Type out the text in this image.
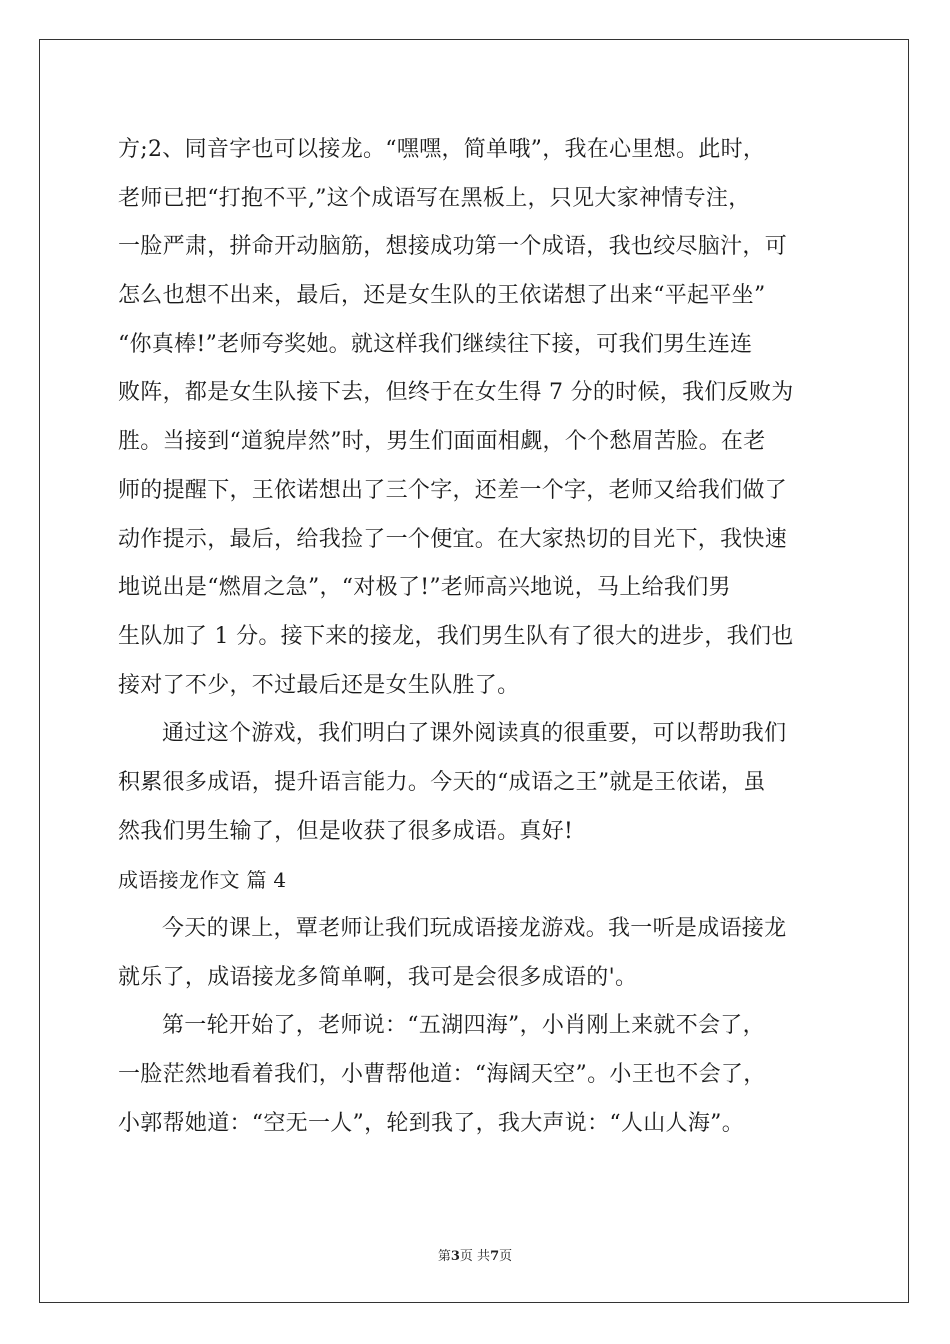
方;2、同音字也可以接龙。“嘿嘿，简单哦”，我在心里想。此时，
老师已把“打抱不平,”这个成语写在黑板上，只见大家神情专注，
一脸严肃，拼命开动脑筋，想接成功第一个成语，我也绞尽脑汁，可
怎么也想不出来，最后，还是女生队的王依诺想了出来“平起平坐”
“你真棒!”老师夸奖她。就这样我们继续往下接，可我们男生连连
败阵，都是女生队接下去，但终于在女生得 7 分的时候，我们反败为
胜。当接到“道貌岸然”时，男生们面面相觑，个个愁眉苦脸。在老
师的提醒下，王依诺想出了三个字，还差一个字，老师又给我们做了
动作提示，最后，给我捡了一个便宜。在大家热切的目光下，我快速
地说出是“燃眉之急”，“对极了!”老师高兴地说，马上给我们男
生队加了 1 分。接下来的接龙，我们男生队有了很大的进步，我们也
接对了不少，不过最后还是女生队胜了。
通过这个游戏，我们明白了课外阅读真的很重要，可以帮助我们
积累很多成语，提升语言能力。今天的“成语之王”就是王依诺，虽
然我们男生输了，但是收获了很多成语。真好!
成语接龙作文 篇 4
今天的课上，覃老师让我们玩成语接龙游戏。我一听是成语接龙
就乐了，成语接龙多简单啊，我可是会很多成语的'。
第一轮开始了，老师说：“五湖四海”，小肖刚上来就不会了，
一脸茫然地看着我们，小曹帮他道：“海阔天空”。小王也不会了，
小郭帮她道：“空无一人”，轮到我了，我大声说：“人山人海”。
第3页 共7页
